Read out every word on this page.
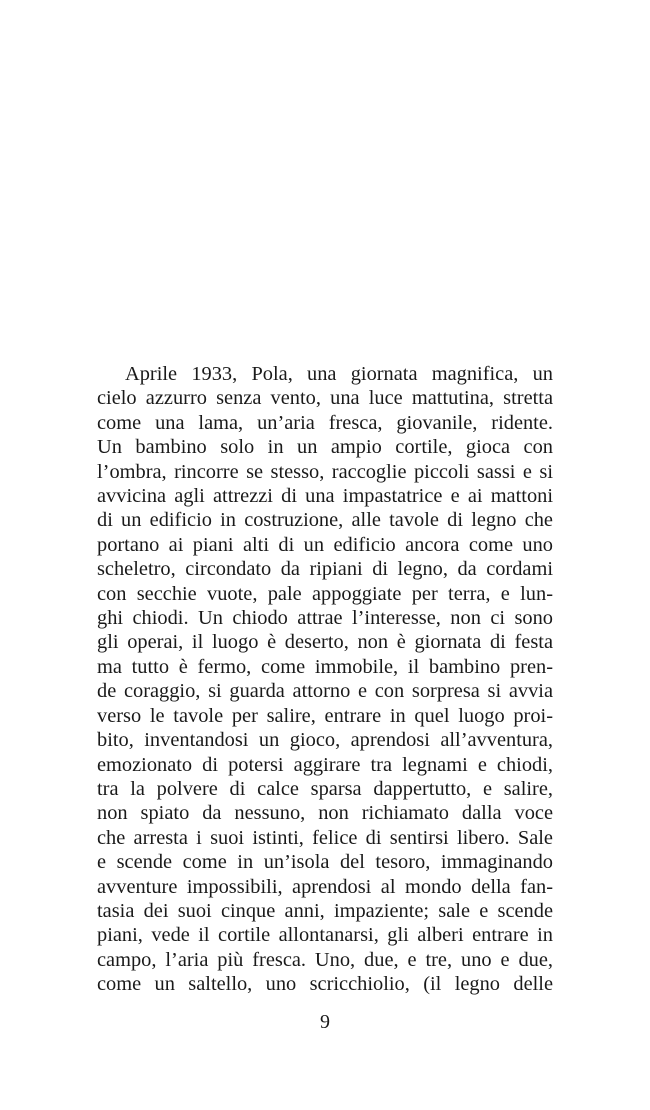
Aprile 1933, Pola, una giornata magnifica, un
cielo azzurro senza vento, una luce mattutina, stretta
come una lama, un’aria fresca, giovanile, ridente.
Un bambino solo in un ampio cortile, gioca con
l’ombra, rincorre se stesso, raccoglie piccoli sassi e si
avvicina agli attrezzi di una impastatrice e ai mattoni
di un edificio in costruzione, alle tavole di legno che
portano ai piani alti di un edificio ancora come uno
scheletro, circondato da ripiani di legno, da cordami
con secchie vuote, pale appoggiate per terra, e lun-
ghi chiodi. Un chiodo attrae l’interesse, non ci sono
gli operai, il luogo è deserto, non è giornata di festa
ma tutto è fermo, come immobile, il bambino pren-
de coraggio, si guarda attorno e con sorpresa si avvia
verso le tavole per salire, entrare in quel luogo proi-
bito, inventandosi un gioco, aprendosi all’avventura,
emozionato di potersi aggirare tra legnami e chiodi,
tra la polvere di calce sparsa dappertutto, e salire,
non spiato da nessuno, non richiamato dalla voce
che arresta i suoi istinti, felice di sentirsi libero. Sale
e scende come in un’isola del tesoro, immaginando
avventure impossibili, aprendosi al mondo della fan-
tasia dei suoi cinque anni, impaziente; sale e scende
piani, vede il cortile allontanarsi, gli alberi entrare in
campo, l’aria più fresca. Uno, due, e tre, uno e due,
come un saltello, uno scricchiolio, (il legno delle
9
